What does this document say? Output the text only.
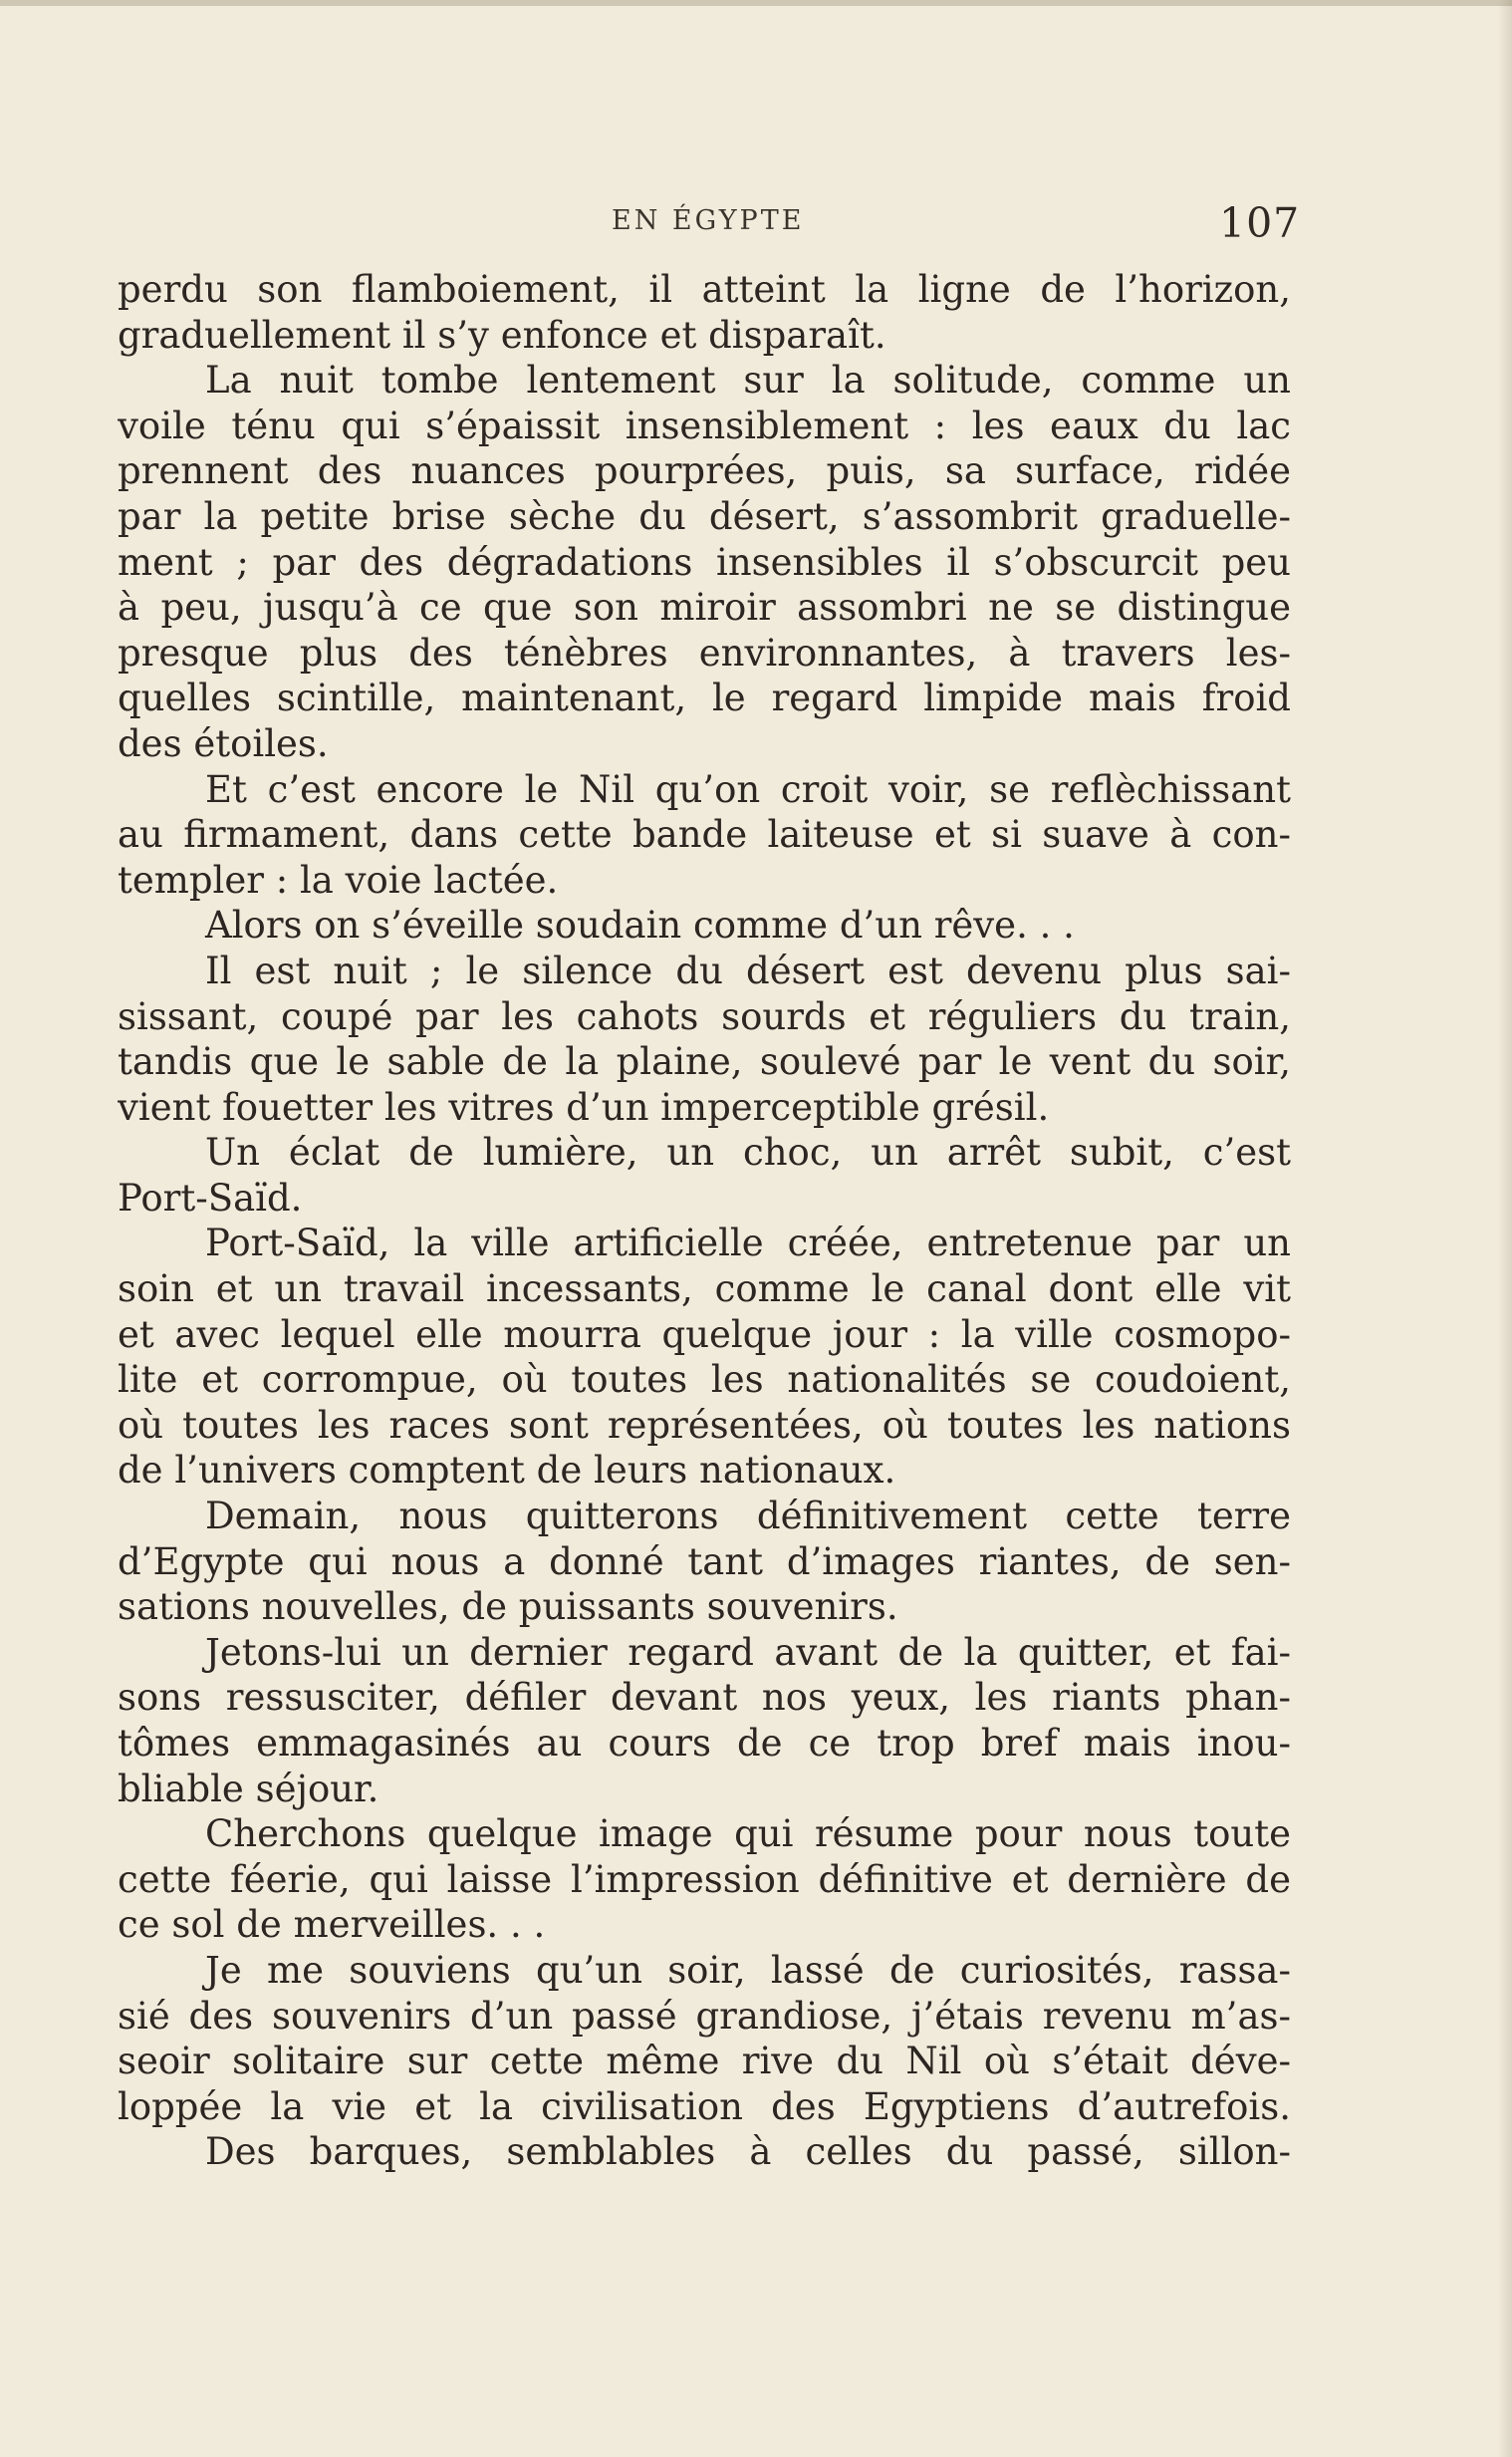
EN ÉGYPTE	107
perdu son flamboiement, il atteint la ligne de l’horizon,
graduellement il s’y enfonce et disparaît.
La nuit tombe lentement sur la solitude, comme un
voile ténu qui s’épaissit insensiblement : les eaux du lac
prennent des nuances pourprées, puis, sa surface, ridée
par la petite brise sèche du désert, s’assombrit graduelle-
ment ; par des dégradations insensibles il s’obscurcit peu
à peu, jusqu’à ce que son miroir assombri ne se distingue
presque plus des ténèbres environnantes, à travers les-
quelles scintille, maintenant, le regard limpide mais froid
des étoiles.
Et c’est encore le Nil qu’on croit voir, se reflèchissant
au firmament, dans cette bande laiteuse et si suave à con-
templer : la voie lactée.
Alors on s’éveille soudain comme d’un rêve. . .
Il est nuit ; le silence du désert est devenu plus sai-
sissant, coupé par les cahots sourds et réguliers du train,
tandis que le sable de la plaine, soulevé par le vent du soir,
vient fouetter les vitres d’un imperceptible grésil.
Un éclat de lumière, un choc, un arrêt subit, c’est
Port-Saïd.
Port-Saïd, la ville artificielle créée, entretenue par un
soin et un travail incessants, comme le canal dont elle vit
et avec lequel elle mourra quelque jour : la ville cosmopo-
lite et corrompue, où toutes les nationalités se coudoient,
où toutes les races sont représentées, où toutes les nations
de l’univers comptent de leurs nationaux.
Demain, nous quitterons définitivement cette terre
d’Egypte qui nous a donné tant d’images riantes, de sen-
sations nouvelles, de puissants souvenirs.
Jetons-lui un dernier regard avant de la quitter, et fai-
sons ressusciter, défiler devant nos yeux, les riants phan-
tômes emmagasinés au cours de ce trop bref mais inou-
bliable séjour.
Cherchons quelque image qui résume pour nous toute
cette féerie, qui laisse l’impression définitive et dernière de
ce sol de merveilles. . .
Je me souviens qu’un soir, lassé de curiosités, rassa-
sié des souvenirs d’un passé grandiose, j’étais revenu m’as-
seoir solitaire sur cette même rive du Nil où s’était déve-
loppée la vie et la civilisation des Egyptiens d’autrefois.
Des barques, semblables à celles du passé, sillon-
